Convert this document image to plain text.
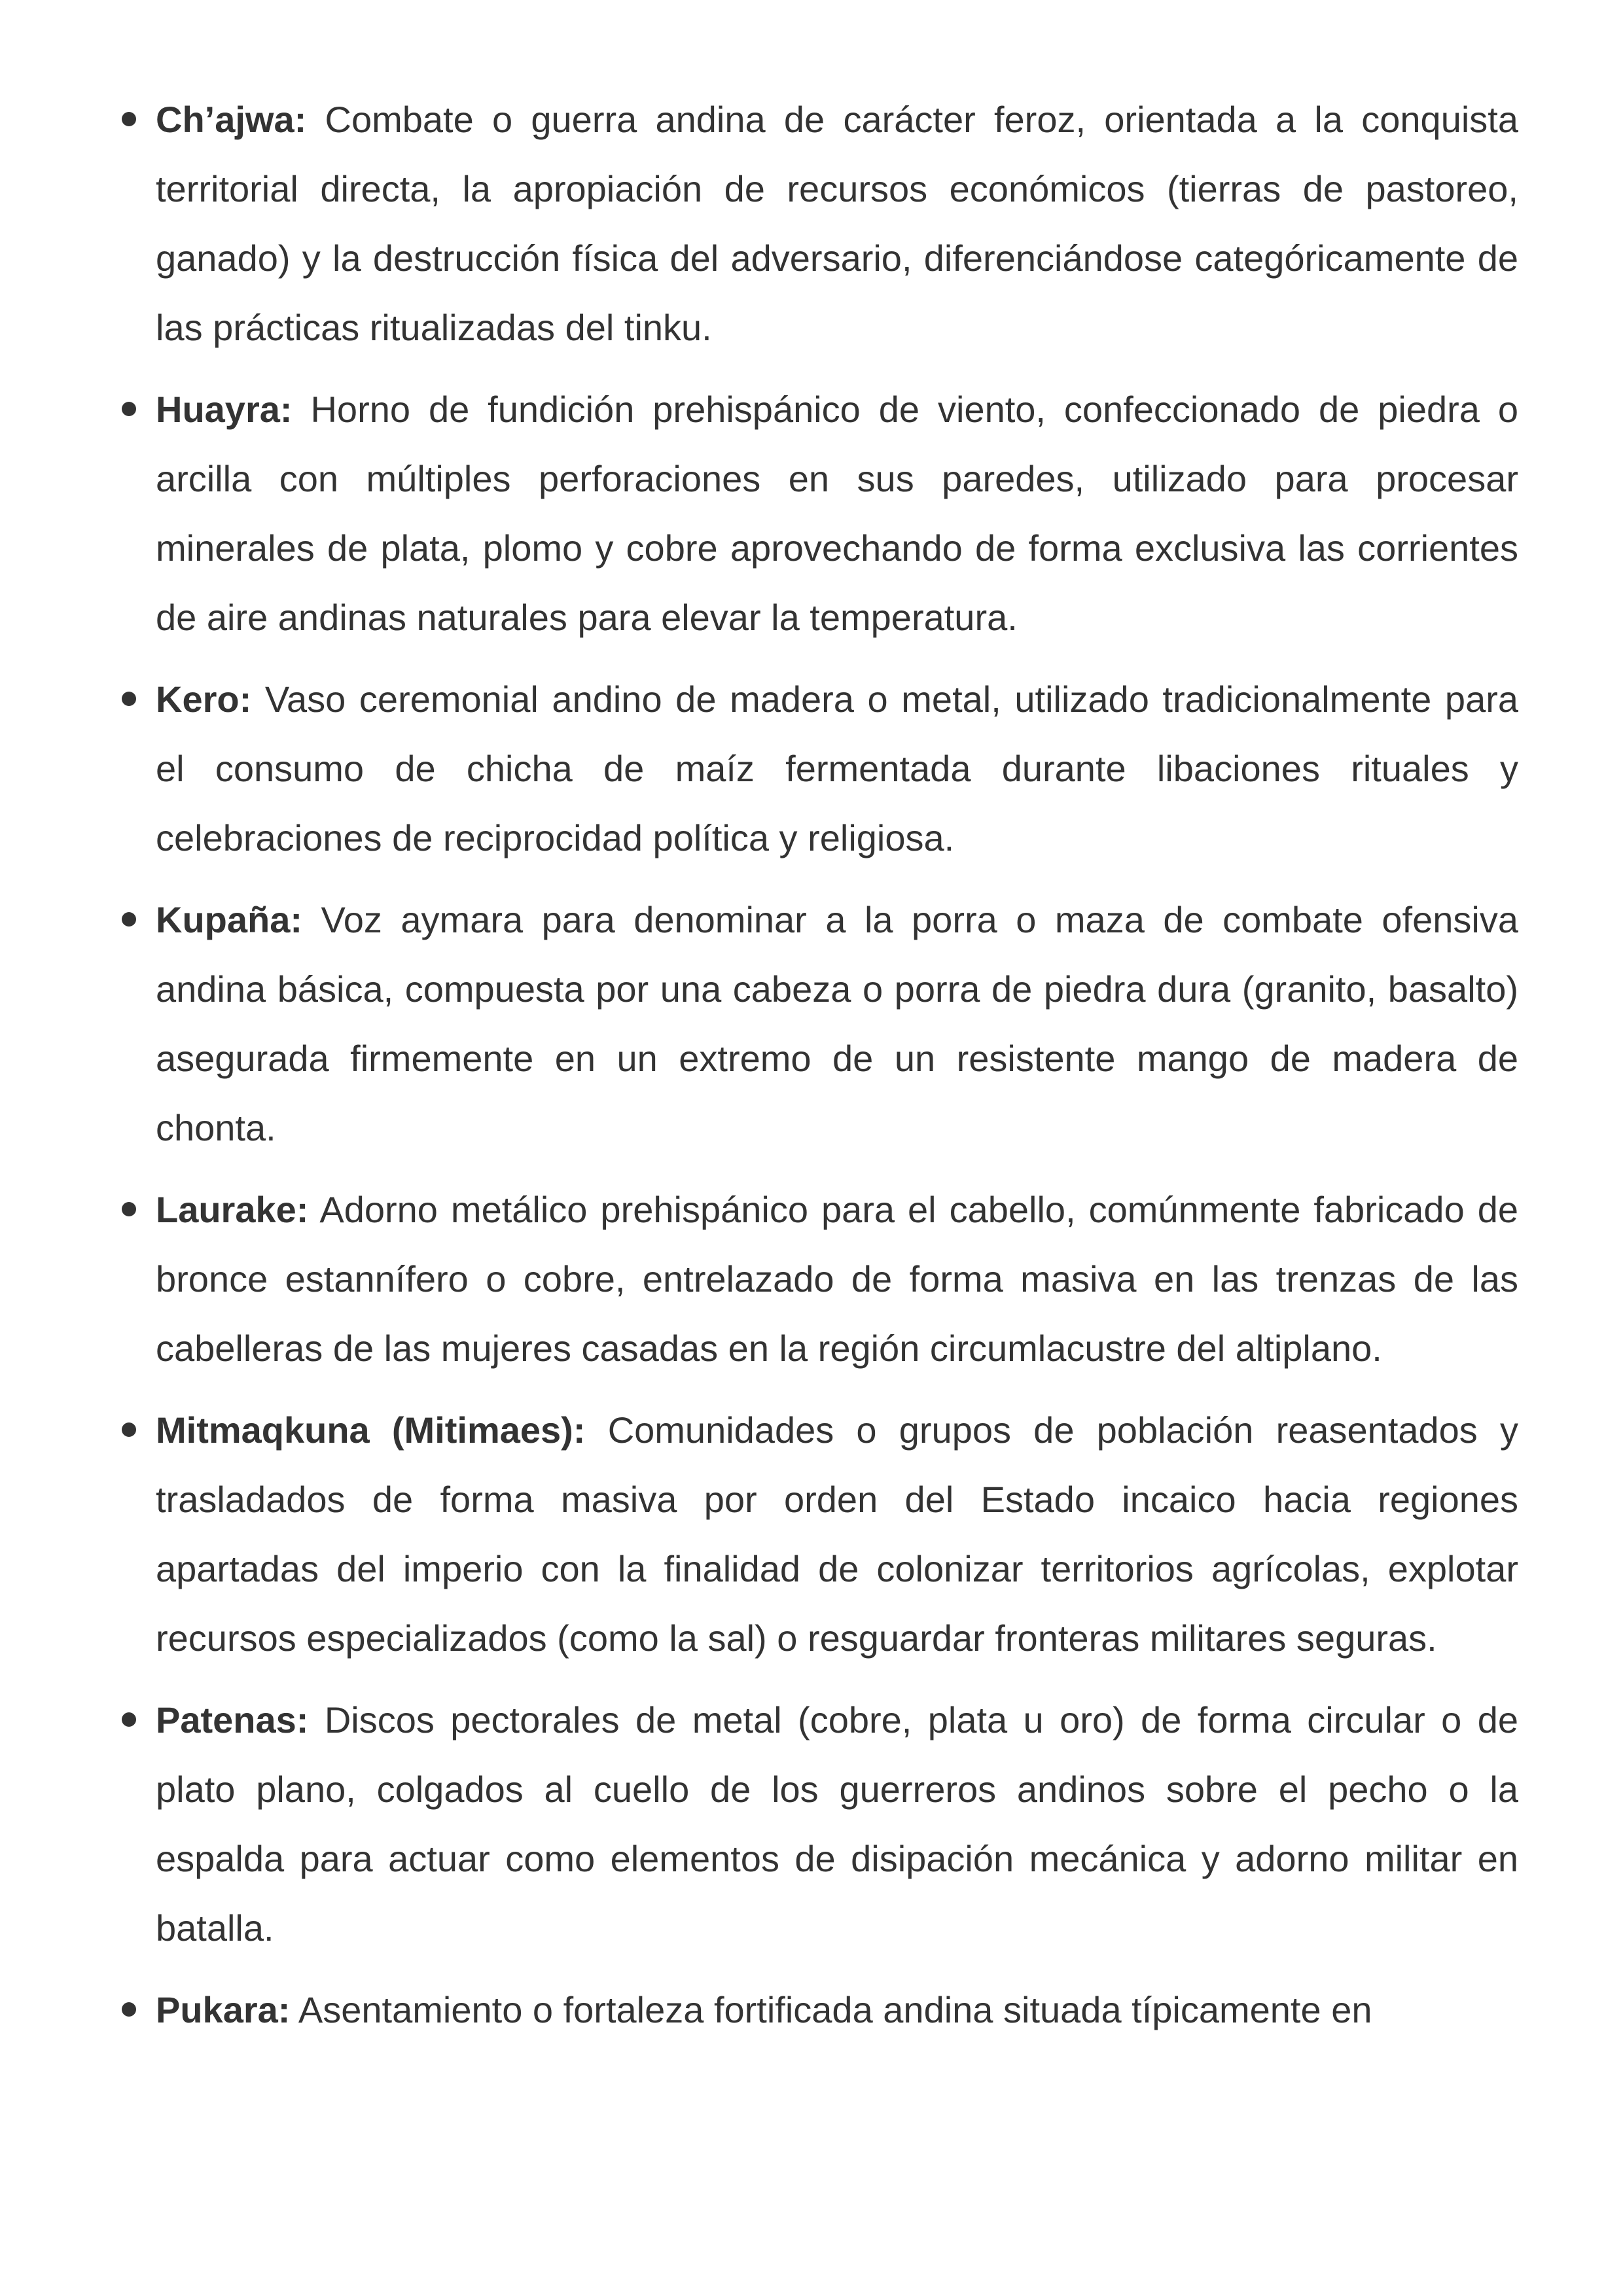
Ch’ajwa: Combate o guerra andina de carácter feroz, orientada a la conquista territorial directa, la apropiación de recursos económicos (tierras de pastoreo, ganado) y la destrucción física del adversario, diferenciándose categóricamente de las prácticas ritualizadas del tinku.
Huayra: Horno de fundición prehispánico de viento, confeccionado de piedra o arcilla con múltiples perforaciones en sus paredes, utilizado para procesar minerales de plata, plomo y cobre aprovechando de forma exclusiva las corrientes de aire andinas naturales para elevar la temperatura.
Kero: Vaso ceremonial andino de madera o metal, utilizado tradicionalmente para el consumo de chicha de maíz fermentada durante libaciones rituales y celebraciones de reciprocidad política y religiosa.
Kupaña: Voz aymara para denominar a la porra o maza de combate ofensiva andina básica, compuesta por una cabeza o porra de piedra dura (granito, basalto) asegurada firmemente en un extremo de un resistente mango de madera de chonta.
Laurake: Adorno metálico prehispánico para el cabello, comúnmente fabricado de bronce estannífero o cobre, entrelazado de forma masiva en las trenzas de las cabelleras de las mujeres casadas en la región circumlacustre del altiplano.
Mitmaqkuna (Mitimaes): Comunidades o grupos de población reasentados y trasladados de forma masiva por orden del Estado incaico hacia regiones apartadas del imperio con la finalidad de colonizar territorios agrícolas, explotar recursos especializados (como la sal) o resguardar fronteras militares seguras.
Patenas: Discos pectorales de metal (cobre, plata u oro) de forma circular o de plato plano, colgados al cuello de los guerreros andinos sobre el pecho o la espalda para actuar como elementos de disipación mecánica y adorno militar en batalla.
Pukara: Asentamiento o fortaleza fortificada andina situada típicamente en
